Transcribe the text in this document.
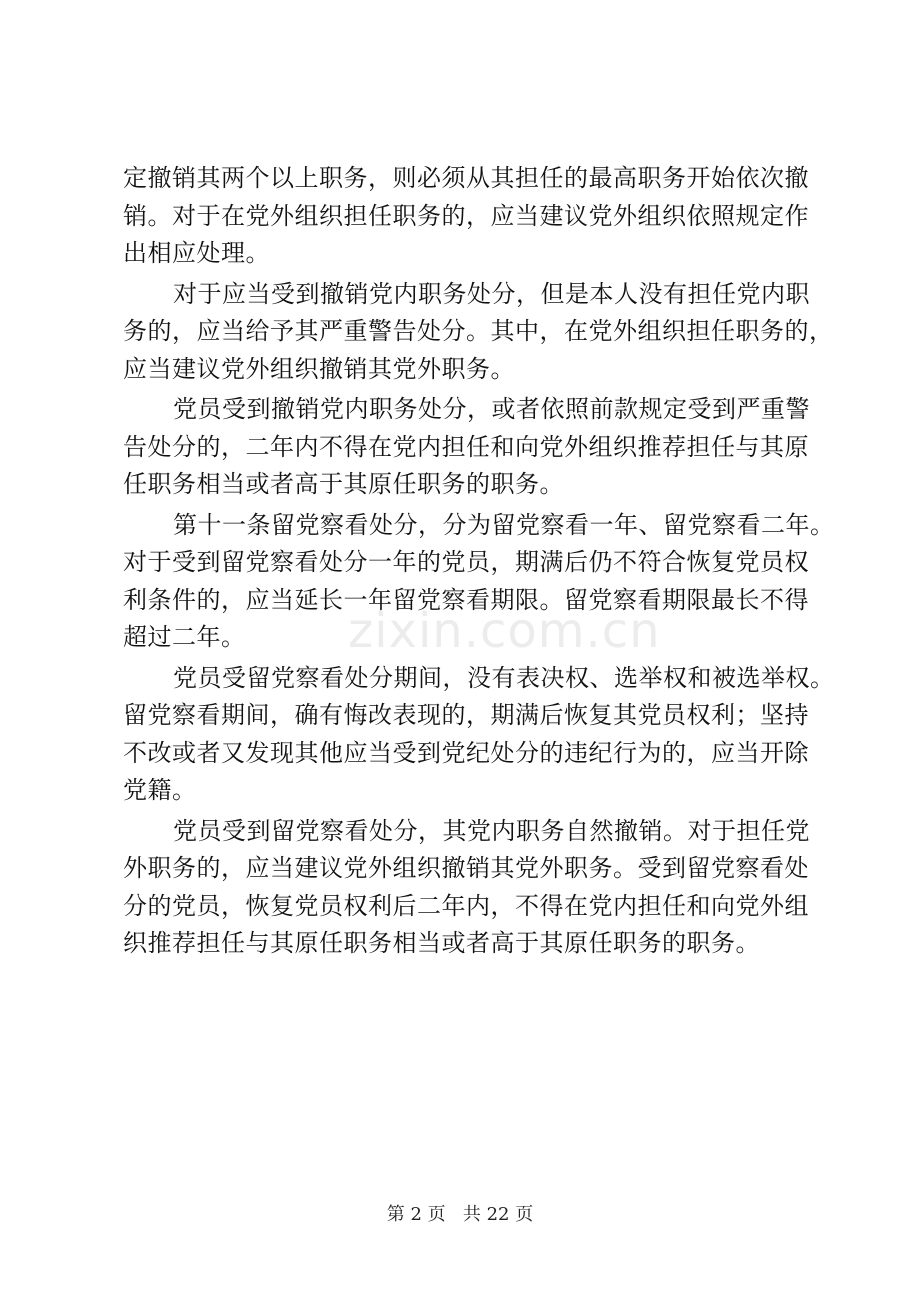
zixin.com.cn
定撤销其两个以上职务，则必须从其担任的最高职务开始依次撤
销。对于在党外组织担任职务的，应当建议党外组织依照规定作
出相应处理。
对于应当受到撤销党内职务处分，但是本人没有担任党内职
务的，应当给予其严重警告处分。其中，在党外组织担任职务的，
应当建议党外组织撤销其党外职务。
党员受到撤销党内职务处分，或者依照前款规定受到严重警
告处分的，二年内不得在党内担任和向党外组织推荐担任与其原
任职务相当或者高于其原任职务的职务。
第十一条留党察看处分，分为留党察看一年、留党察看二年。
对于受到留党察看处分一年的党员，期满后仍不符合恢复党员权
利条件的，应当延长一年留党察看期限。留党察看期限最长不得
超过二年。
党员受留党察看处分期间，没有表决权、选举权和被选举权。
留党察看期间，确有悔改表现的，期满后恢复其党员权利；坚持
不改或者又发现其他应当受到党纪处分的违纪行为的，应当开除
党籍。
党员受到留党察看处分，其党内职务自然撤销。对于担任党
外职务的，应当建议党外组织撤销其党外职务。受到留党察看处
分的党员，恢复党员权利后二年内，不得在党内担任和向党外组
织推荐担任与其原任职务相当或者高于其原任职务的职务。
第 2 页 共 22 页
